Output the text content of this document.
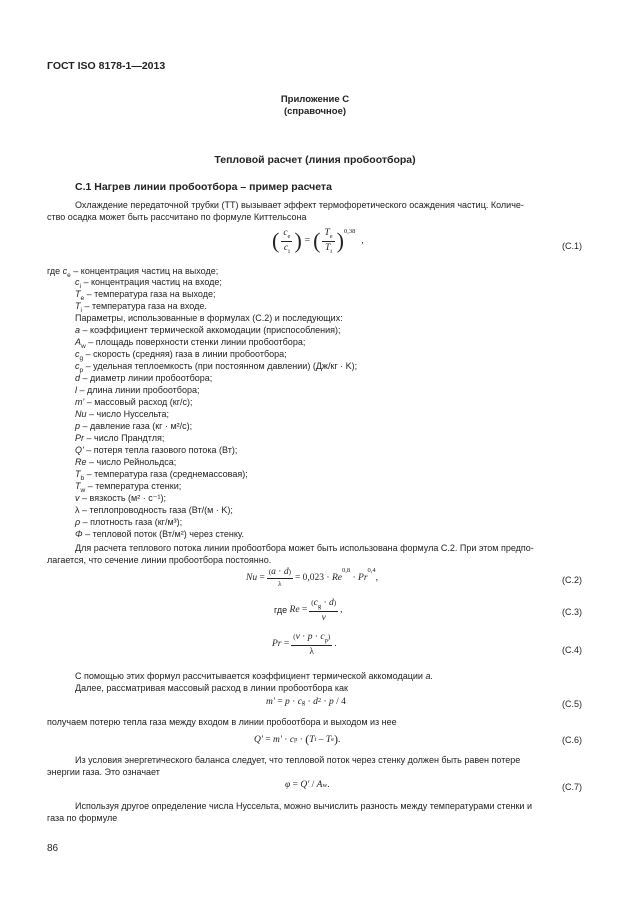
ГОСТ ISO 8178-1—2013
Приложение С
(справочное)
Тепловой расчет (линия пробоотбора)
С.1 Нагрев линии пробоотбора – пример расчета
Охлаждение передаточной трубки (ТТ) вызывает эффект термофоретического осаждения частиц. Количе-
ство осадка может быть рассчитано по формуле Киттельсона
( $\frac{c_e}{c_i}$ ) = ( $\frac{T_e}{T_i} )^{0,38}$
,	(С.1)
где $c_e$ – концентрация частиц на выходе;
$c_i$ – концентрация частиц на входе;
$T_e$ – температура газа на выходе;
$T_i$ – температура газа на входе.
Параметры, использованные в формулах (С.2) и последующих:
a – коэффициент термической аккомодации (приспособления);
$A_w$ – площадь поверхности стенки линии пробоотбора;
$c_g$ – скорость (средняя) газа в линии пробоотбора;
$c_p$ – удельная теплоемкость (при постоянном давлении) (Дж/кг · K);
d – диаметр линии пробоотбора;
l – длина линии пробоотбора;
m' – массовый расход (кг/с);
Nu – число Нуссельта;
p – давление газа (кг · м²/с);
Pr – число Прандтля;
Q' – потеря тепла газового потока (Вт);
Re – число Рейнольдса;
$T_b$ – температура газа (среднемассовая);
$T_w$ – температура стенки;
v – вязкость (м² · с⁻¹);
λ – теплопроводность газа (Вт/(м · K);
ρ – плотность газа (кг/м³);
Φ – тепловой поток (Вт/м²) через стенку.
Для расчета теплового потока линии пробоотбора может быть использована формула С.2. При этом предпо-
лагается, что сечение линии пробоотбора постоянно.
$Nu = \frac{(a \cdot d)}{\lambda} = 0,023$ ·
Re
$^{0,8}$
· Pr
$^{0,4}$
,	(С.2)
где
$Re = \frac{(c_g \cdot d)}{\nu}$ ,	(С.3)
$Pr = \frac{(\nu \cdot p \cdot c_p)}{\lambda}$ .
(С.4)
С помощью этих формул рассчитывается коэффициент термической аккомодации a.
Далее, рассматривая массовый расход в линии пробоотбора как
m' = p · c g · d 2 · p
/ 4	(С.5)
получаем потерю тепла газа между входом в линии пробоотбора и выходом из нее
Q' = m' · c p · ( T i – T e ) .	(С.6)
Из условия энергетического баланса следует, что тепловой поток через стенку должен быть равен потере
энергии газа. Это означает
φ = Q' / A w .	(С.7)
Используя другое определение числа Нуссельта, можно вычислить разность между температурами стенки и
газа по формуле
86
